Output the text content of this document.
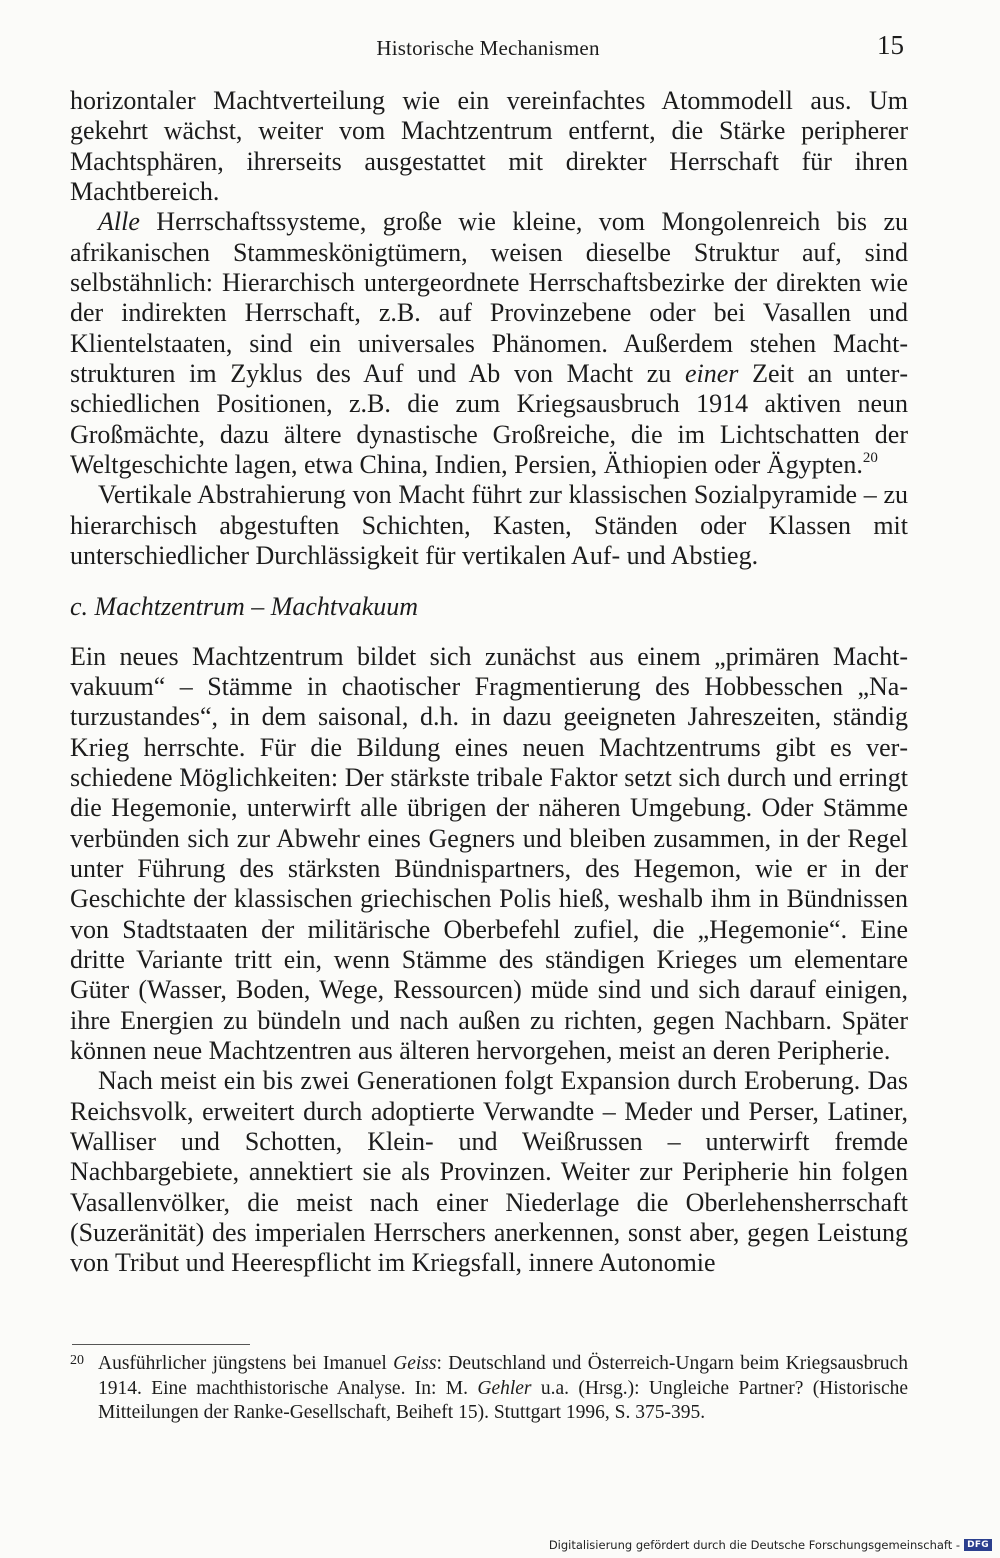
Historische Mechanismen	15

horizontaler Machtverteilung wie ein vereinfachtes Atommodell aus. Um gekehrt wächst, weiter vom Machtzentrum entfernt, die Stärke peripherer Machtsphären, ihrerseits ausgestattet mit direkter Herrschaft für ihren Machtbereich.

Alle Herrschaftssysteme, große wie kleine, vom Mongolenreich bis zu afrikanischen Stammeskönigtümern, weisen dieselbe Struktur auf, sind selbstähnlich: Hierarchisch untergeordnete Herrschaftsbezirke der direkten wie der indirekten Herrschaft, z.B. auf Provinzebene oder bei Vasallen und Klientelstaaten, sind ein universales Phänomen. Außerdem stehen Machtstrukturen im Zyklus des Auf und Ab von Macht zu einer Zeit an unterschiedlichen Positionen, z.B. die zum Kriegsausbruch 1914 aktiven neun Großmächte, dazu ältere dynastische Großreiche, die im Lichtschatten der Weltgeschichte lagen, etwa China, Indien, Persien, Äthiopien oder Ägypten.$^{20}$

Vertikale Abstrahierung von Macht führt zur klassischen Sozialpyramide – zu hierarchisch abgestuften Schichten, Kasten, Ständen oder Klassen mit unterschiedlicher Durchlässigkeit für vertikalen Auf- und Abstieg.

c. Machtzentrum – Machtvakuum

Ein neues Machtzentrum bildet sich zunächst aus einem „primären Machtvakuum“ – Stämme in chaotischer Fragmentierung des Hobbesschen „Naturzustandes“, in dem saisonal, d.h. in dazu geeigneten Jahreszeiten, ständig Krieg herrschte. Für die Bildung eines neuen Machtzentrums gibt es verschiedene Möglichkeiten: Der stärkste tribale Faktor setzt sich durch und erringt die Hegemonie, unterwirft alle übrigen der näheren Umgebung. Oder Stämme verbünden sich zur Abwehr eines Gegners und bleiben zusammen, in der Regel unter Führung des stärksten Bündnispartners, des Hegemon, wie er in der Geschichte der klassischen griechischen Polis hieß, weshalb ihm in Bündnissen von Stadtstaaten der militärische Oberbefehl zufiel, die „Hegemonie“. Eine dritte Variante tritt ein, wenn Stämme des ständigen Krieges um elementare Güter (Wasser, Boden, Wege, Ressourcen) müde sind und sich darauf einigen, ihre Energien zu bündeln und nach außen zu richten, gegen Nachbarn. Später können neue Machtzentren aus älteren hervorgehen, meist an deren Peripherie.

Nach meist ein bis zwei Generationen folgt Expansion durch Eroberung. Das Reichsvolk, erweitert durch adoptierte Verwandte – Meder und Perser, Latiner, Walliser und Schotten, Klein- und Weißrussen – unterwirft fremde Nachbargebiete, annektiert sie als Provinzen. Weiter zur Peripherie hin folgen Vasallenvölker, die meist nach einer Niederlage die Oberlehensherrschaft (Suzeränität) des imperialen Herrschers anerkennen, sonst aber, gegen Leistung von Tribut und Heerespflicht im Kriegsfall, innere Autonomie

20 Ausführlicher jüngstens bei Imanuel Geiss: Deutschland und Österreich-Ungarn beim Kriegsausbruch 1914. Eine machthistorische Analyse. In: M. Gehler u.a. (Hrsg.): Ungleiche Partner? (Historische Mitteilungen der Ranke-Gesellschaft, Beiheft 15). Stuttgart 1996, S. 375-395.

Digitalisierung gefördert durch die Deutsche Forschungsgemeinschaft - DFG
